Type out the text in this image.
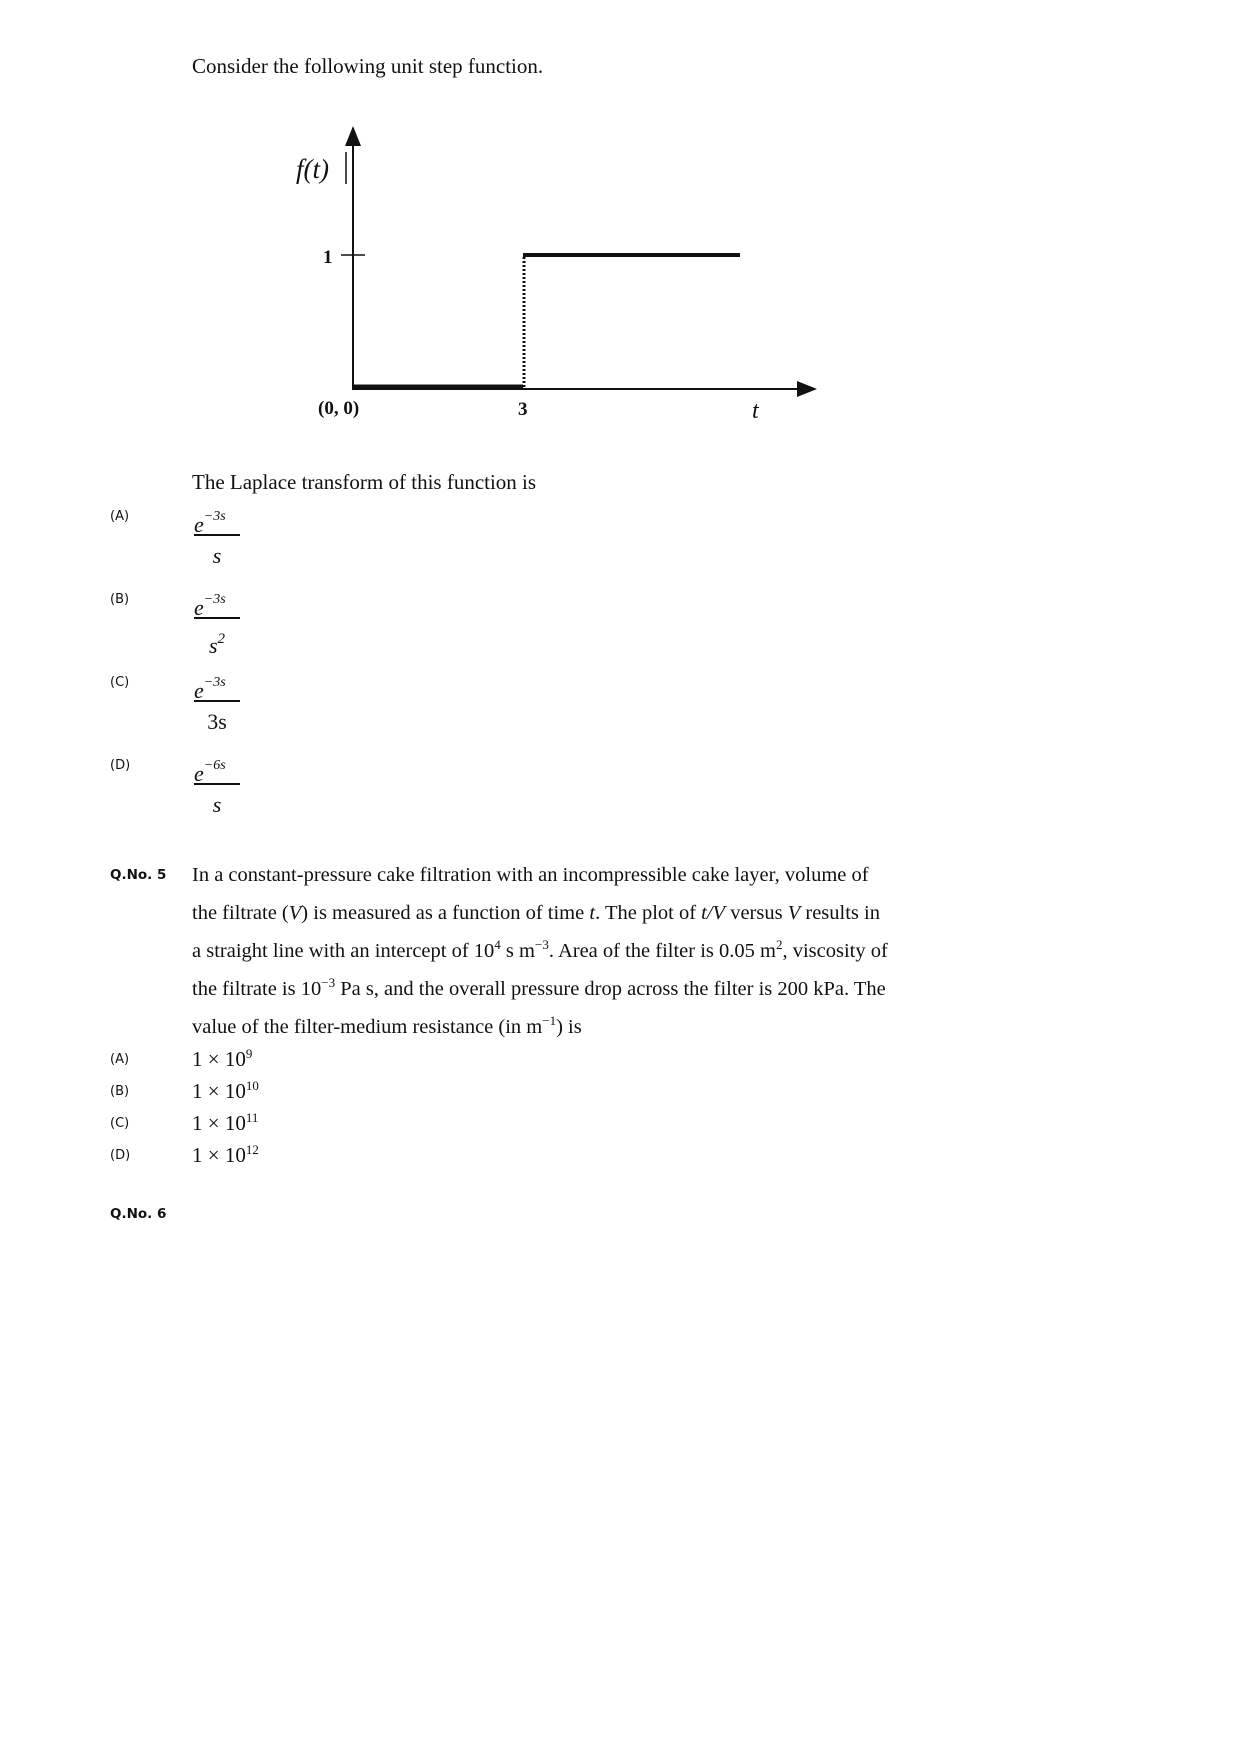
Consider the following unit step function.
f(t)
1
(0, 0)	3	t
The Laplace transform of this function is
(A)	$e^{-3s}$
s
(B)	$e^{-3s}$
$s^2$
(C)	$e^{-3s}$
3s
(D)	$e^{-6s}$
s
Q.No. 5 In a constant-pressure cake filtration with an incompressible cake layer, volume of
the filtrate (V) is measured as a function of time t. The plot of t/V versus V results in
a straight line with an intercept of $10^4$ s $m^{-3}$. Area of the filter is 0.05 $m^2$, viscosity of
the filtrate is $10^{-3}$ Pa s, and the overall pressure drop across the filter is 200 kPa. The
value of the filter-medium resistance (in $m^{-1}$) is
(A)	$1 \times 10^9$
(B)	$1 \times 10^{10}$
(C)	$1 \times 10^{11}$
(D)	$1 \times 10^{12}$
Q.No. 6
